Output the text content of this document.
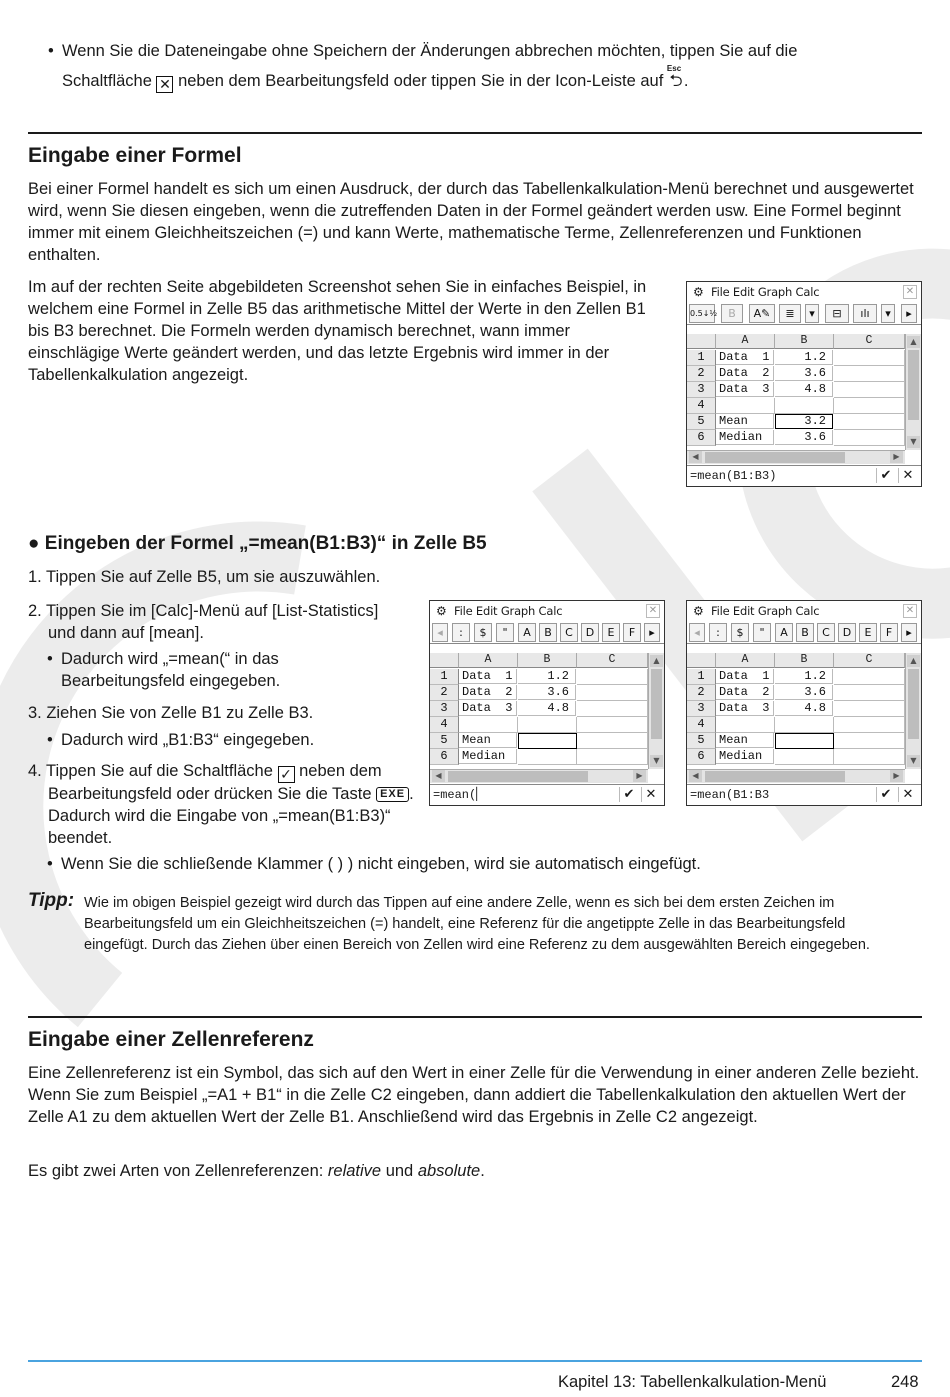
• Wenn Sie die Dateneingabe ohne Speichern der Änderungen abbrechen möchten, tippen Sie auf die
Schaltfläche ✕ neben dem Bearbeitungsfeld oder tippen Sie in der Icon-Leiste auf
Esc
⮌.
Eingabe einer Formel
Bei einer Formel handelt es sich um einen Ausdruck, der durch das Tabellenkalkulation-Menü berechnet und ausgewertet wird, wenn Sie diesen eingeben, wenn die zutreffenden Daten in der Formel geändert werden usw. Eine Formel beginnt immer mit einem Gleichheitszeichen (=) und kann Werte, mathematische Terme, Zellenreferenzen und Funktionen enthalten.
Im auf der rechten Seite abgebildeten Screenshot sehen Sie in einfaches Beispiel, in welchem eine Formel in Zelle B5 das arithmetische Mittel der Werte in den Zellen B1 bis B3 berechnet. Die Formeln werden dynamisch berechnet, wann immer einschlägige Werte geändert werden, und das letzte Ergebnis wird immer in der Tabellenkalkulation angezeigt.
⚙ File Edit Graph Calc	✕
0.5↓½	B	A✎	≣	▾	⊟	ılı	▾	▸
A	B	C
1	Data  1	1.2
2	Data  2	3.6
3	Data  3	4.8
4
5	Mean	3.2
6	Median	3.6
▲
▼
◀	▶
=mean(B1:B3)	✔ ✕
● Eingeben der Formel „=mean(B1:B3)“ in Zelle B5
1. Tippen Sie auf Zelle B5, um sie auszuwählen.
2. Tippen Sie im [Calc]-Menü auf [List-Statistics] und dann auf [mean].
• Dadurch wird „=mean(“ in das Bearbeitungsfeld eingegeben.
3. Ziehen Sie von Zelle B1 zu Zelle B3.
• Dadurch wird „B1:B3“ eingegeben.
4. Tippen Sie auf die Schaltfläche ✓ neben dem Bearbeitungsfeld oder drücken Sie die Taste EXE . Dadurch wird die Eingabe von „=mean(B1:B3)“ beendet.
• Wenn Sie die schließende Klammer ( ) ) nicht eingeben, wird sie automatisch eingefügt.
⚙ File Edit Graph Calc	✕
◂	:	$	"	A	B	C	D	E	F	▸
A	B	C
1	Data  1	1.2
2	Data  2	3.6
3	Data  3	4.8
4
5	Mean
6	Median
▲
▼
◀	▶
=mean(▏	✔ ✕
⚙ File Edit Graph Calc	✕
◂	:	$	"	A	B	C	D	E	F	▸
A	B	C
1	Data  1	1.2
2	Data  2	3.6
3	Data  3	4.8
4
5	Mean
6	Median
▲
▼
◀	▶
=mean(B1:B3	✔ ✕
Tipp: Wie im obigen Beispiel gezeigt wird durch das Tippen auf eine andere Zelle, wenn es sich bei dem ersten Zeichen im Bearbeitungsfeld um ein Gleichheitszeichen (=) handelt, eine Referenz für die angetippte Zelle in das Bearbeitungsfeld eingefügt. Durch das Ziehen über einen Bereich von Zellen wird eine Referenz zu dem ausgewählten Bereich eingegeben.
Eingabe einer Zellenreferenz
Eine Zellenreferenz ist ein Symbol, das sich auf den Wert in einer Zelle für die Verwendung in einer anderen Zelle bezieht. Wenn Sie zum Beispiel „=A1 + B1“ in die Zelle C2 eingeben, dann addiert die Tabellenkalkulation den aktuellen Wert der Zelle A1 zu dem aktuellen Wert der Zelle B1. Anschließend wird das Ergebnis in Zelle C2 angezeigt.
Es gibt zwei Arten von Zellenreferenzen: relative und absolute.
Kapitel 13: Tabellenkalkulation-Menü	248
